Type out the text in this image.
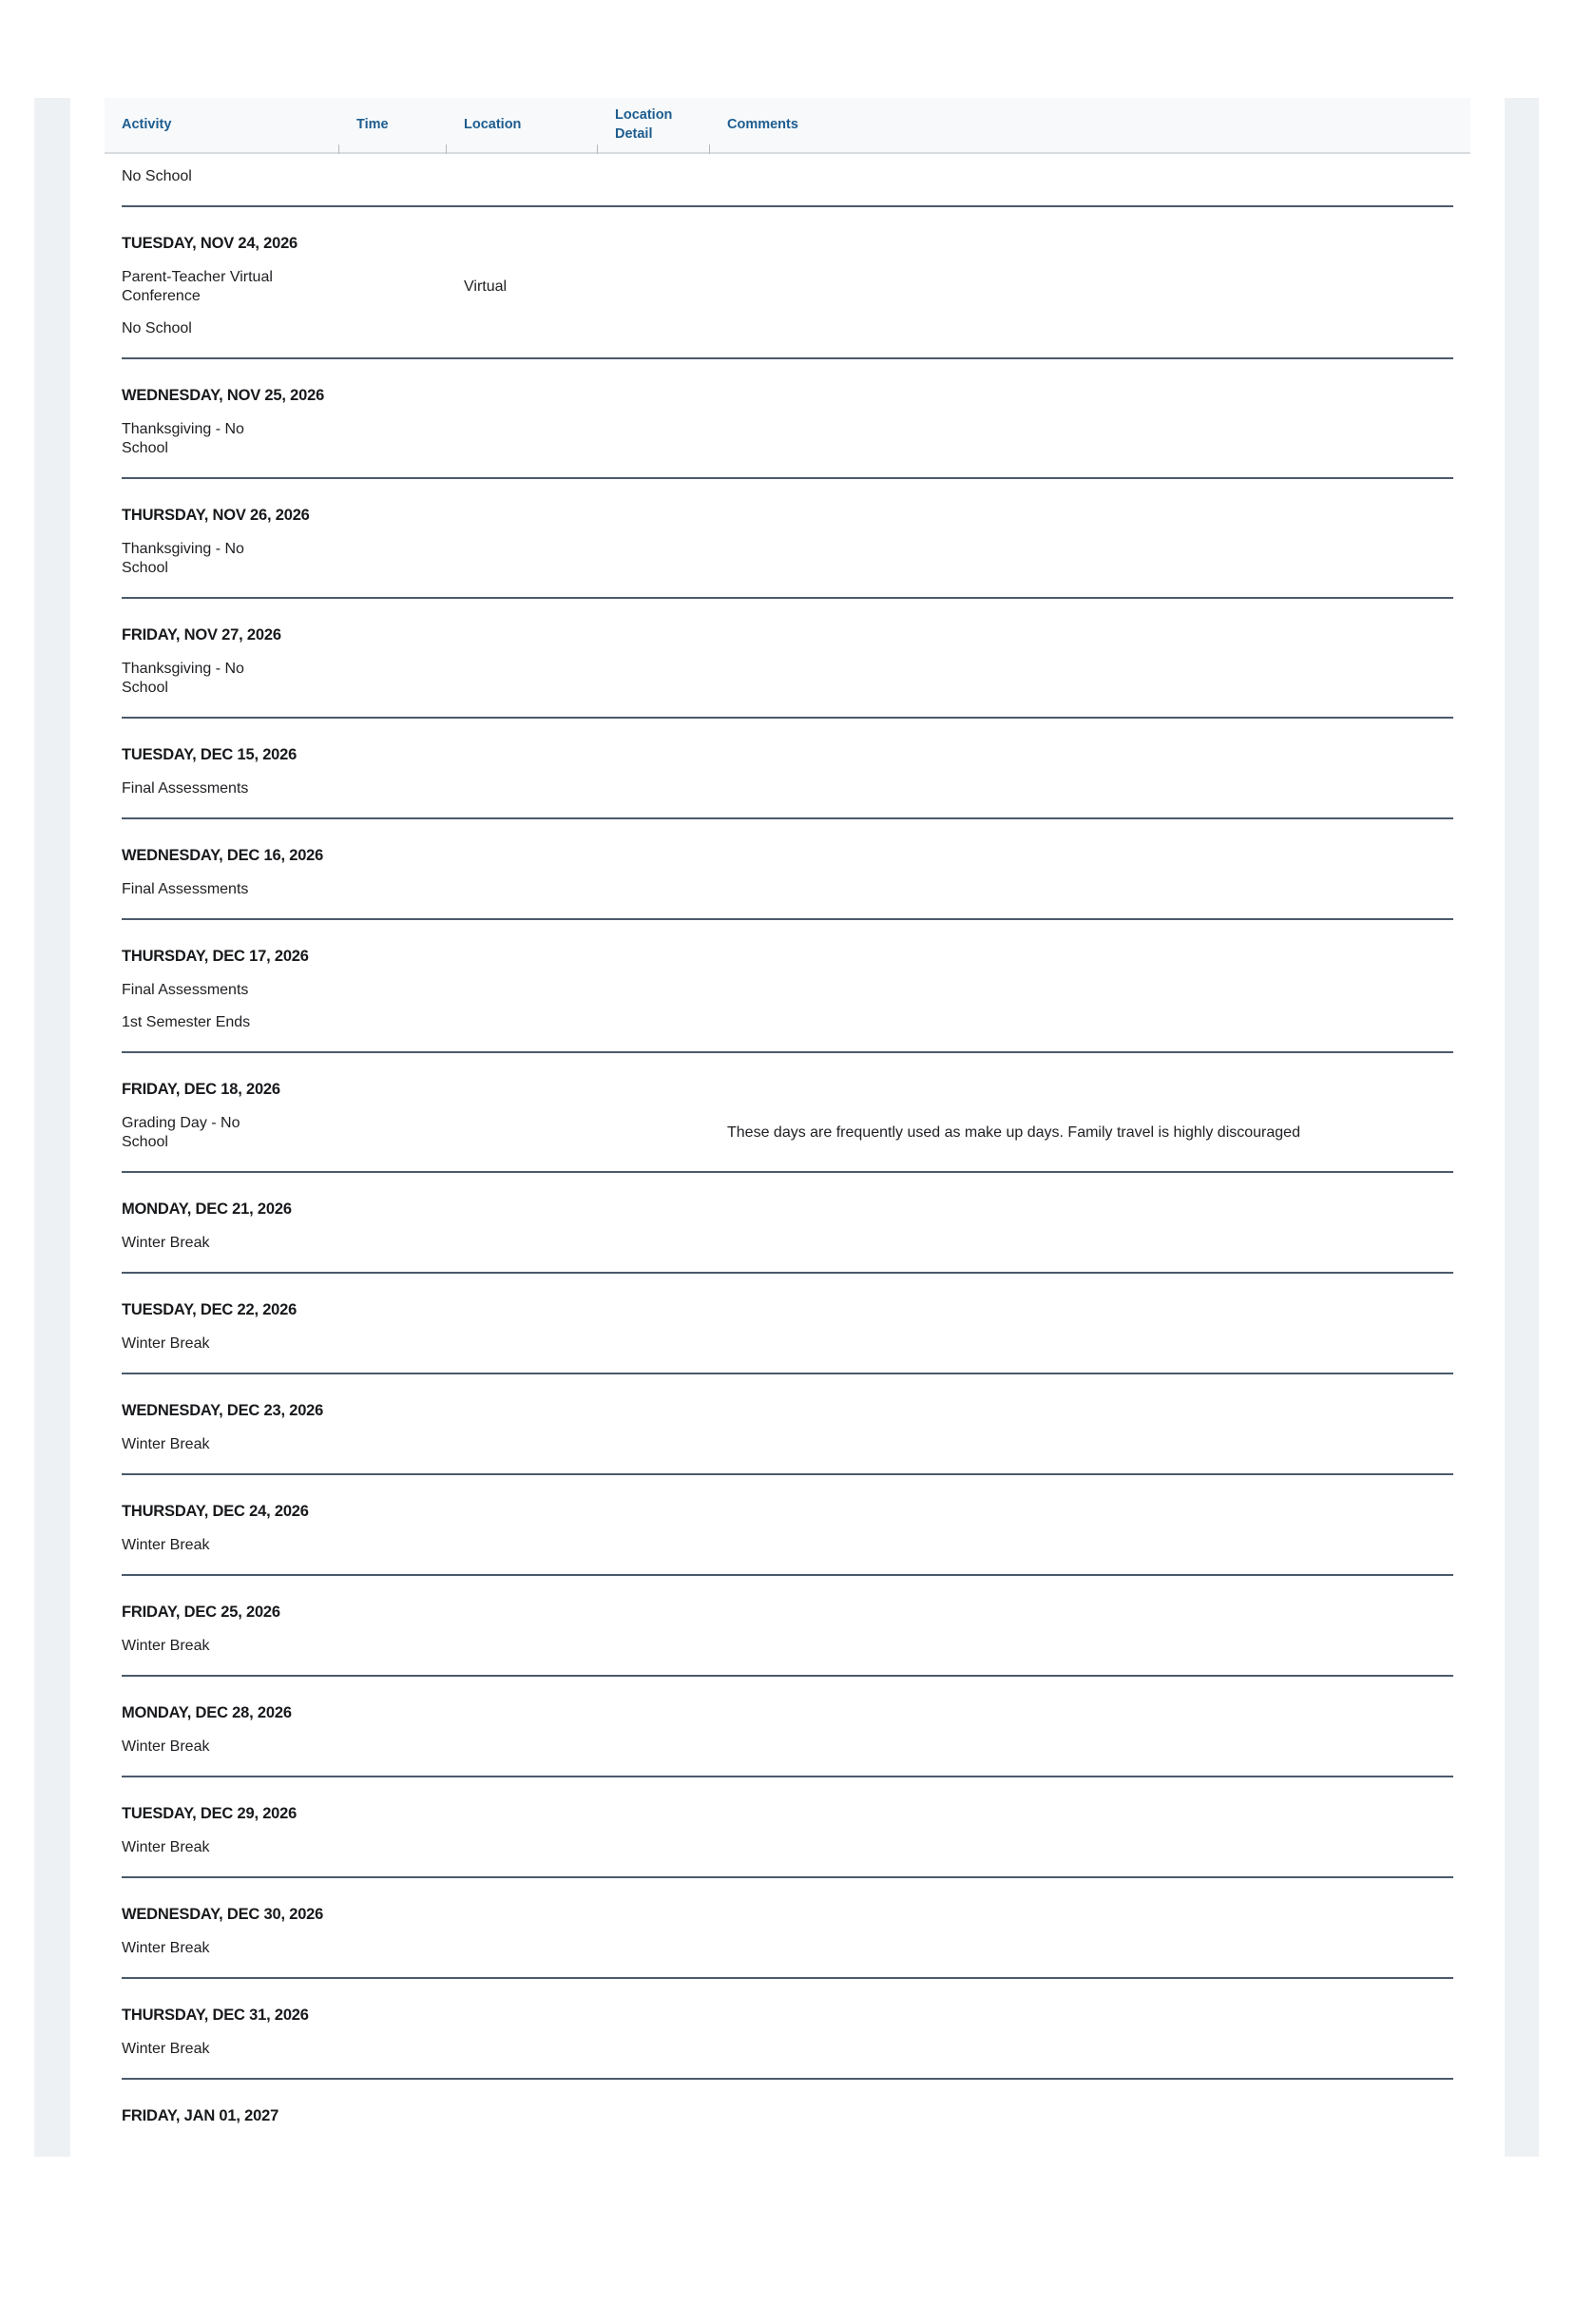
Activity	Time	Location	Location Detail	Comments
No School				

TUESDAY, NOV 24, 2026				
Parent-Teacher Virtual Conference		Virtual		
No School				

WEDNESDAY, NOV 25, 2026				
Thanksgiving - No School				

THURSDAY, NOV 26, 2026				
Thanksgiving - No School				

FRIDAY, NOV 27, 2026				
Thanksgiving - No School				

TUESDAY, DEC 15, 2026				
Final Assessments				

WEDNESDAY, DEC 16, 2026				
Final Assessments				

THURSDAY, DEC 17, 2026				
Final Assessments				
1st Semester Ends				

FRIDAY, DEC 18, 2026				
Grading Day - No School				These days are frequently used as make up days. Family travel is highly discouraged

MONDAY, DEC 21, 2026				
Winter Break				

TUESDAY, DEC 22, 2026				
Winter Break				

WEDNESDAY, DEC 23, 2026				
Winter Break				

THURSDAY, DEC 24, 2026				
Winter Break				

FRIDAY, DEC 25, 2026				
Winter Break				

MONDAY, DEC 28, 2026				
Winter Break				

TUESDAY, DEC 29, 2026				
Winter Break				

WEDNESDAY, DEC 30, 2026				
Winter Break				

THURSDAY, DEC 31, 2026				
Winter Break				

FRIDAY, JAN 01, 2027				
